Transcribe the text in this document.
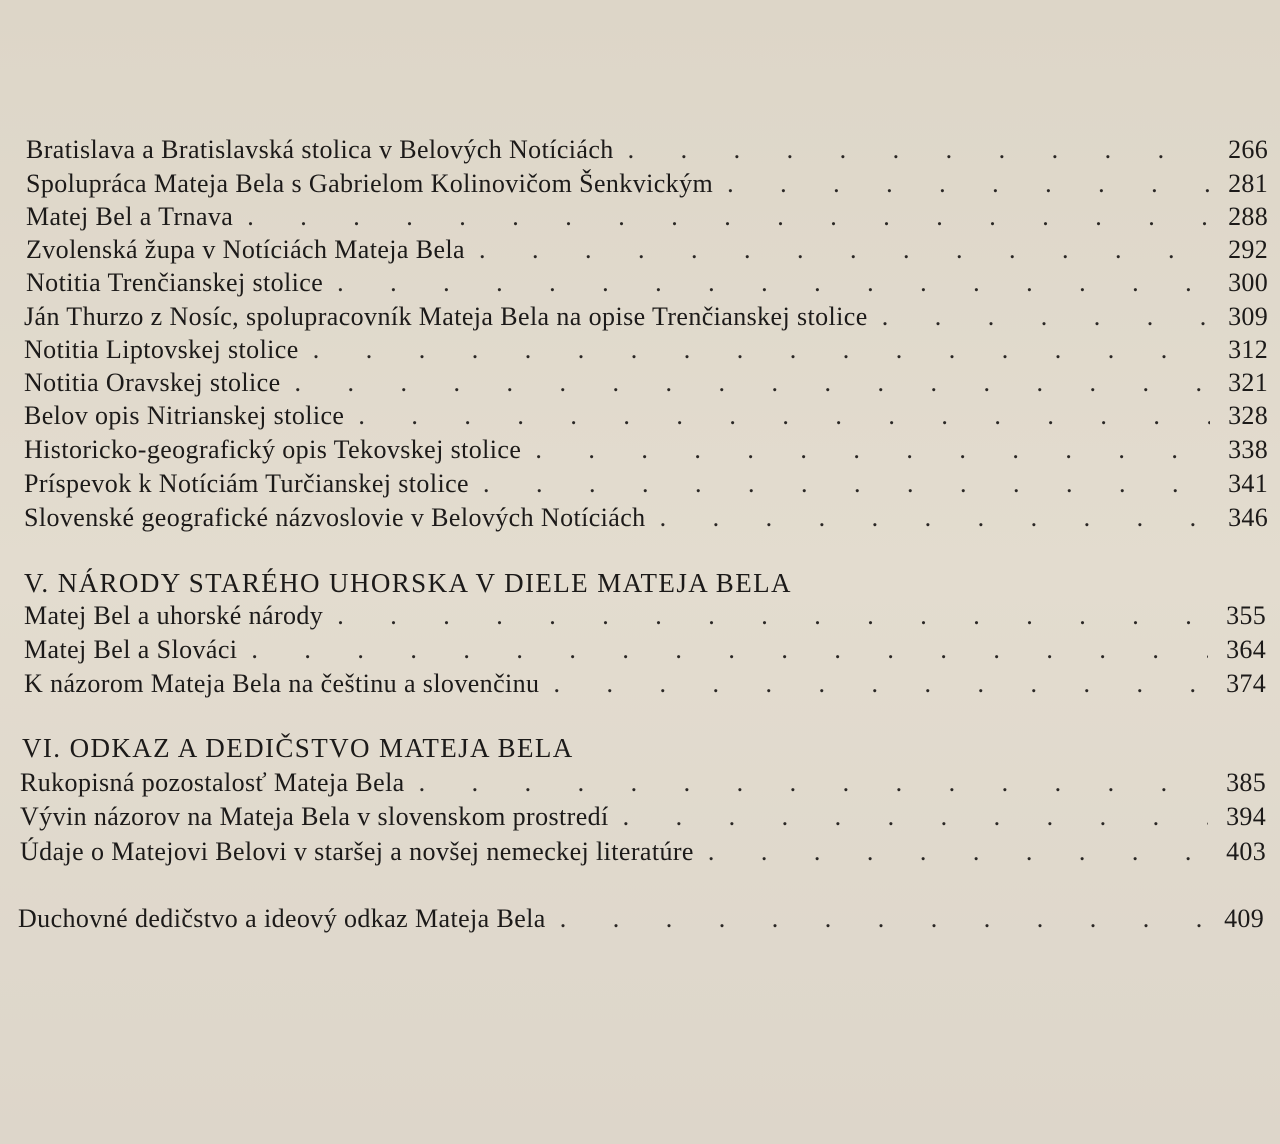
Bratislava a Bratislavská stolica v Belových Notíciách . . .	266
Spolupráca Mateja Bela s Gabrielom Kolinovičom Šenkvickým . . .	281
Matej Bel a Trnava . . .	288
Zvolenská župa v Notíciách Mateja Bela . . .	292
Notitia Trenčianskej stolice . . .	300
Ján Thurzo z Nosíc, spolupracovník Mateja Bela na opise Trenčianskej stolice . . .	309
Notitia Liptovskej stolice . . .	312
Notitia Oravskej stolice . . .	321
Belov opis Nitrianskej stolice . . .	328
Historicko-geografický opis Tekovskej stolice . . .	338
Príspevok k Notíciám Turčianskej stolice . . .	341
Slovenské geografické názvoslovie v Belových Notíciách . . .	346
V. NÁRODY STARÉHO UHORSKA V DIELE MATEJA BELA
Matej Bel a uhorské národy . . .	355
Matej Bel a Slováci . . .	364
K názorom Mateja Bela na češtinu a slovenčinu . . .	374
VI. ODKAZ A DEDIČSTVO MATEJA BELA
Rukopisná pozostalosť Mateja Bela . . .	385
Vývin názorov na Mateja Bela v slovenskom prostredí . . .	394
Údaje o Matejovi Belovi v staršej a novšej nemeckej literatúre . . .	403
Duchovné dedičstvo a ideový odkaz Mateja Bela . . .	409
